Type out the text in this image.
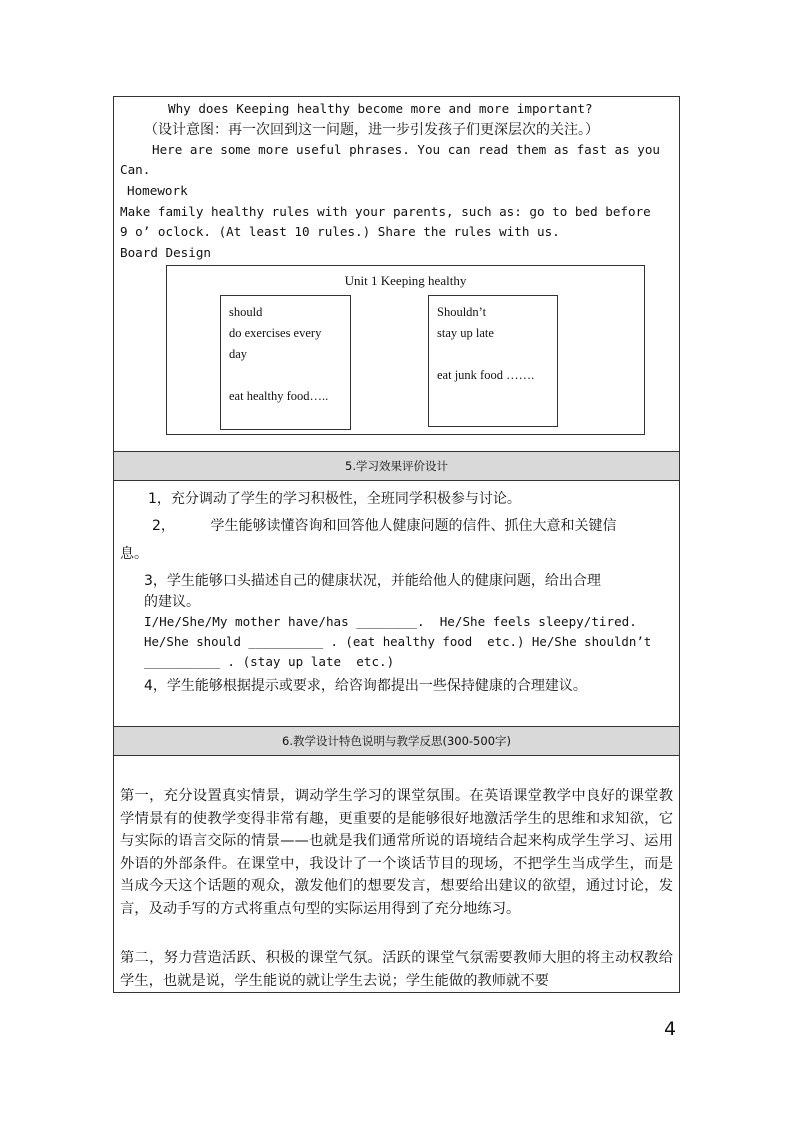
Why does Keeping healthy become more and more important?
（设计意图：再一次回到这一问题，进一步引发孩子们更深层次的关注。）
Here are some more useful phrases. You can read them as fast as you
Can.
Homework
Make family healthy rules with your parents, such as: go to bed before
9 o’ oclock. (At least 10 rules.) Share the rules with us.
Board Design
Unit 1 Keeping healthy
should
do exercises every
day
eat healthy food…..
Shouldn’t
stay up late
eat junk food …….
5.学习效果评价设计
1，充分调动了学生的学习积极性，全班同学积极参与讨论。
2，        学生能够读懂咨询和回答他人健康问题的信件、抓住大意和关键信
息。
3，学生能够口头描述自己的健康状况，并能给他人的健康问题，给出合理
的建议。
I/He/She/My mother have/has ________.  He/She feels sleepy/tired.
He/She should __________ . (eat healthy food  etc.) He/She shouldn’t
__________ . (stay up late  etc.)
4，学生能够根据提示或要求，给咨询都提出一些保持健康的合理建议。
6.教学设计特色说明与教学反思(300-500字)
第一，充分设置真实情景，调动学生学习的课堂氛围。在英语课堂教学中良好的课堂教学情景有的使教学变得非常有趣，更重要的是能够很好地激活学生的思维和求知欲，它与实际的语言交际的情景——也就是我们通常所说的语境结合起来构成学生学习、运用外语的外部条件。在课堂中，我设计了一个谈话节目的现场，不把学生当成学生，而是当成今天这个话题的观众，激发他们的想要发言，想要给出建议的欲望，通过讨论，发言，及动手写的方式将重点句型的实际运用得到了充分地练习。
第二，努力营造活跃、积极的课堂气氛。活跃的课堂气氛需要教师大胆的将主动权教给学生，也就是说，学生能说的就让学生去说；学生能做的教师就不要
4
